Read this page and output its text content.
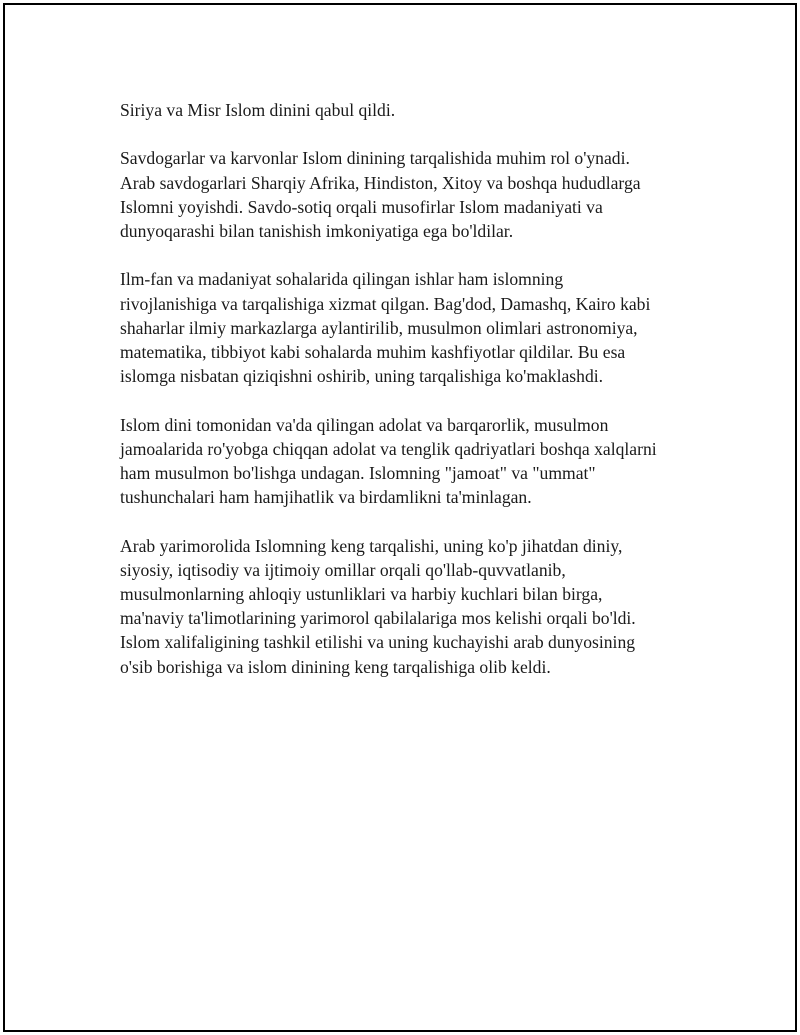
Siriya va Misr Islom dinini qabul qildi.

Savdogarlar va karvonlar Islom dinining tarqalishida muhim rol o'ynadi.
Arab savdogarlari Sharqiy Afrika, Hindiston, Xitoy va boshqa hududlarga
Islomni yoyishdi. Savdo-sotiq orqali musofirlar Islom madaniyati va
dunyoqarashi bilan tanishish imkoniyatiga ega bo'ldilar.

Ilm-fan va madaniyat sohalarida qilingan ishlar ham islomning
rivojlanishiga va tarqalishiga xizmat qilgan. Bag'dod, Damashq, Kairo kabi
shaharlar ilmiy markazlarga aylantirilib, musulmon olimlari astronomiya,
matematika, tibbiyot kabi sohalarda muhim kashfiyotlar qildilar. Bu esa
islomga nisbatan qiziqishni oshirib, uning tarqalishiga ko'maklashdi.

Islom dini tomonidan va'da qilingan adolat va barqarorlik, musulmon
jamoalarida ro'yobga chiqqan adolat va tenglik qadriyatlari boshqa xalqlarni
ham musulmon bo'lishga undagan. Islomning "jamoat" va "ummat"
tushunchalari ham hamjihatlik va birdamlikni ta'minlagan.

Arab yarimorolida Islomning keng tarqalishi, uning ko'p jihatdan diniy,
siyosiy, iqtisodiy va ijtimoiy omillar orqali qo'llab-quvvatlanib,
musulmonlarning ahloqiy ustunliklari va harbiy kuchlari bilan birga,
ma'naviy ta'limotlarining yarimorol qabilalariga mos kelishi orqali bo'ldi.
Islom xalifaligining tashkil etilishi va uning kuchayishi arab dunyosining
o'sib borishiga va islom dinining keng tarqalishiga olib keldi.
